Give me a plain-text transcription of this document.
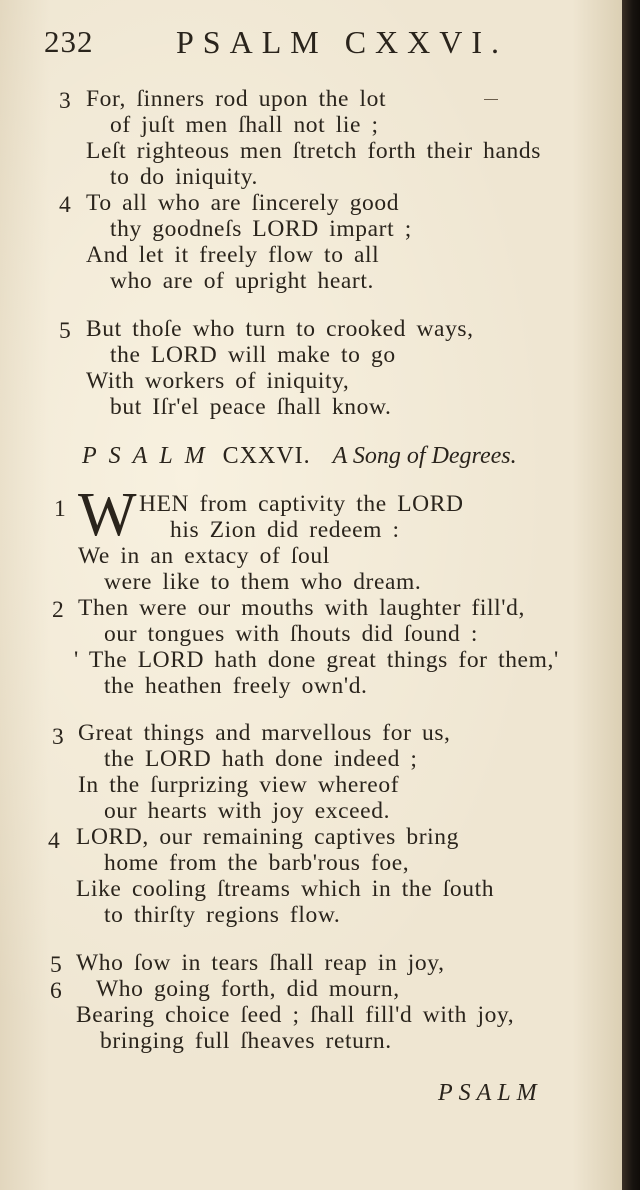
232	PSALM CXXVI.
3 For, ſinners rod upon the lot
of juſt men ſhall not lie ;
Leſt righteous men ſtretch forth their hands
to do iniquity.
4 To all who are ſincerely good
thy goodneſs LORD impart ;
And let it freely flow to all
who are of upright heart.
5 But thoſe who turn to crooked ways,
the LORD will make to go
With workers of iniquity,
but Iſr'el peace ſhall know.
PSALM CXXVI. A Song of Degrees.
1 W HEN from captivity the LORD
his Zion did redeem :
We in an extacy of ſoul
were like to them who dream.
2 Then were our mouths with laughter fill'd,
our tongues with ſhouts did ſound :
' The LORD hath done great things for them,'
the heathen freely own'd.
3 Great things and marvellous for us,
the LORD hath done indeed ;
In the ſurprizing view whereof
our hearts with joy exceed.
4 LORD, our remaining captives bring
home from the barb'rous foe,
Like cooling ſtreams which in the ſouth
to thirſty regions flow.
5 Who ſow in tears ſhall reap in joy,
6 Who going forth, did mourn,
Bearing choice ſeed ; ſhall fill'd with joy,
bringing full ſheaves return.
PSALM
